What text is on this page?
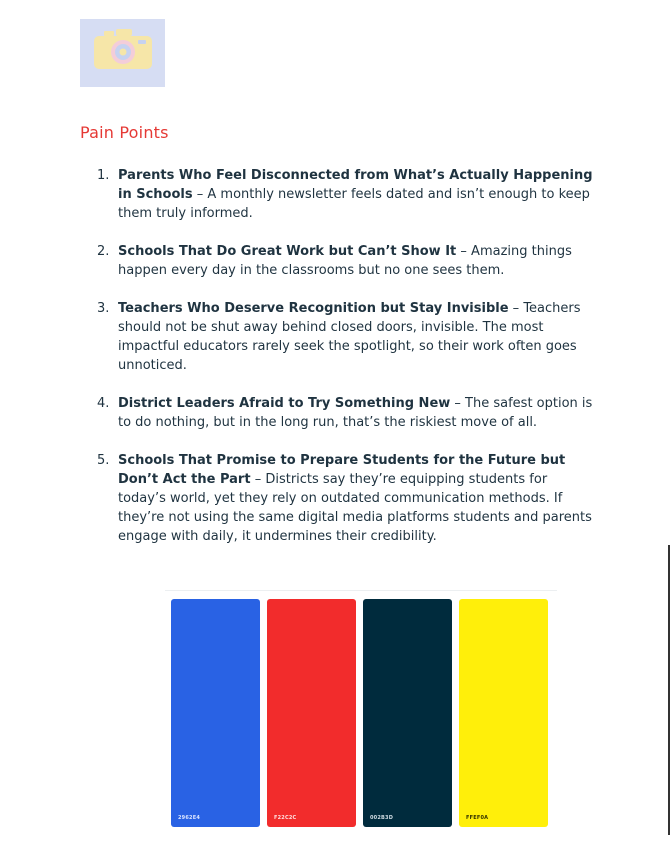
Pain Points
1. Parents Who Feel Disconnected from What’s Actually Happening in Schools – A monthly newsletter feels dated and isn’t enough to keep them truly informed.
2. Schools That Do Great Work but Can’t Show It – Amazing things happen every day in the classrooms but no one sees them.
3. Teachers Who Deserve Recognition but Stay Invisible – Teachers should not be shut away behind closed doors, invisible. The most impactful educators rarely seek the spotlight, so their work often goes unnoticed.
4. District Leaders Afraid to Try Something New – The safest option is to do nothing, but in the long run, that’s the riskiest move of all.
5. Schools That Promise to Prepare Students for the Future but Don’t Act the Part – Districts say they’re equipping students for today’s world, yet they rely on outdated communication methods. If they’re not using the same digital media platforms students and parents engage with daily, it undermines their credibility.
2962E4	F22C2C	002B3D	FFEF0A
